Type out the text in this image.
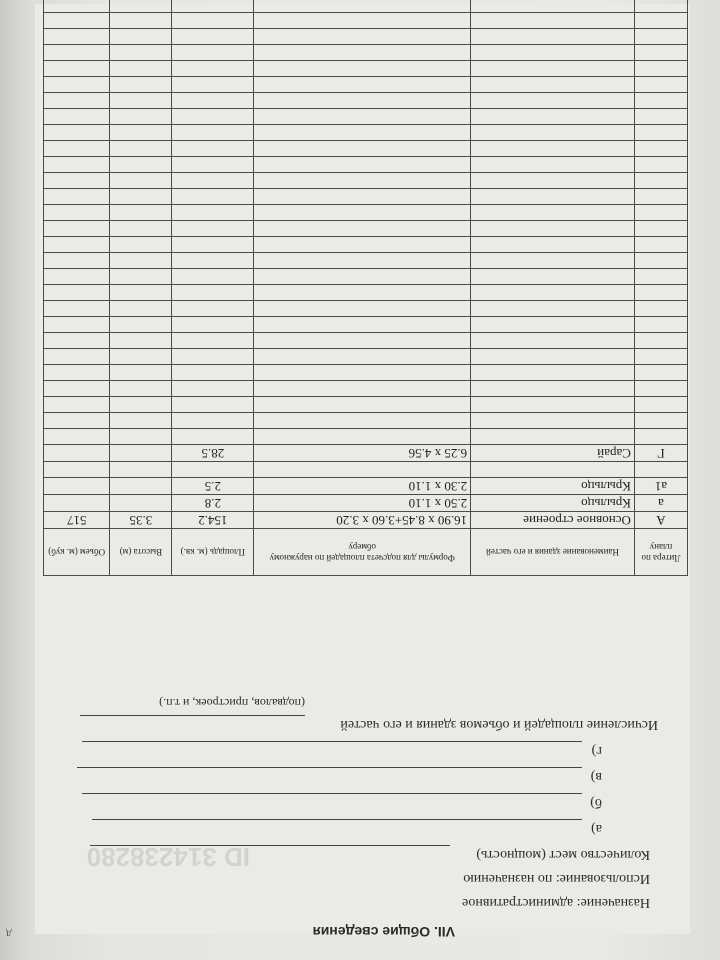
VII. Общие сведения
ID 314238280
Назначение: административное
Использование: по назначению
Количество мест (мощность)
а)
б)
в)
г)
Исчисление площадей и объемов здания и его частей
(подвалов, пристроек, и т.п.)
Литера по плану	Наименование здания и его частей	Формулы для подсчета площадей по наружному обмеру	Площадь (м. кв.)	Высота (м)	Объем (м. куб)
А	Основное строение	16.90 х 8.45+3.60 х 3.20	154.2	3.35	517
а	Крыльцо	2.50 х 1.10	2.8		
а1	Крыльцо	2.30 х 1.10	2.5		

Г	Сарай	6.25 х 4.56	28.5		

д
